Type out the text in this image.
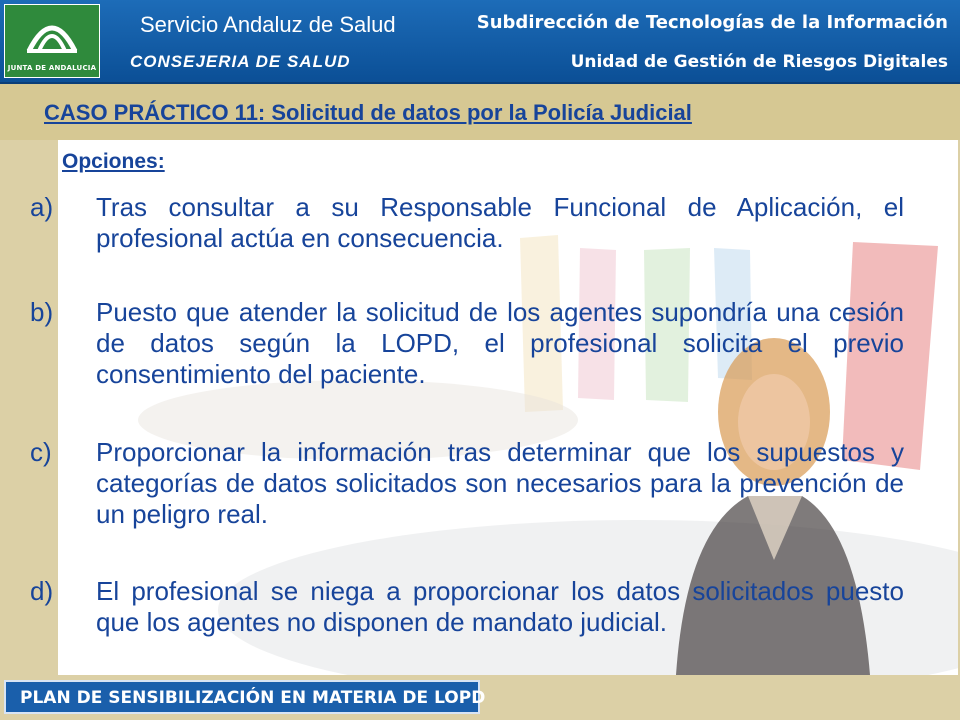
JUNTA DE ANDALUCIA
Servicio Andaluz de Salud
CONSEJERIA DE SALUD
Subdirección de Tecnologías de la Información
Unidad de Gestión de Riesgos Digitales
CASO PRÁCTICO 11: Solicitud de datos por la Policía Judicial
Opciones:
a)	Tras consultar a su Responsable Funcional de Aplicación, el profesional actúa en consecuencia.
b)	Puesto que atender la solicitud de los agentes supondría una cesión de datos según la LOPD, el profesional solicita el previo consentimiento del paciente.
c)	Proporcionar la información tras determinar que los supuestos y categorías de datos solicitados son necesarios para la prevención de un peligro real.
d)	El profesional se niega a proporcionar los datos solicitados puesto que los agentes no disponen de mandato judicial.
PLAN DE SENSIBILIZACIÓN EN MATERIA DE LOPD
